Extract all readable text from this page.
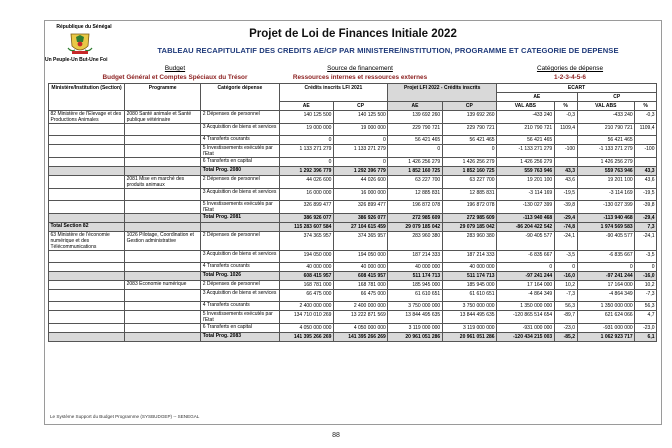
République du Sénégal
Un Peuple-Un But-Une Foi
Projet de Loi de Finances Initiale 2022
TABLEAU RECAPITULATIF DES CREDITS AE/CP PAR MINISTERE/INSTITUTION, PROGRAMME ET CATEGORIE DE DEPENSE
Budget
Budget Général et Comptes Spéciaux du Trésor
Source de financement
Ressources internes et ressources externes
Catégories de dépense
1-2-3-4-5-6
Ministère/Institution (Section)	Programme	Catégorie dépense	Crédits inscrits LFI 2021		Projet LFI 2022 - Crédits inscrits		ECART			
							AE		CP	
			AE	CP	AE	CP	VAL ABS	%	VAL ABS	%
82 Ministère de l'Elevage et des Productions Animales	2080 Santé animale et Santé publique vétérinaire	2 Dépenses de personnel	140 125 500	140 125 500	139 692 260	139 692 260	-433 240	-0,3	-433 240	-0,3
		3 Acquisition de biens et services	19 000 000	19 000 000	229 790 721	229 790 721	210 790 721	1109,4	210 790 721	1109,4
		4 Transferts courants	0	0	56 421 465	56 421 465	56 421 465		56 421 465	
		5 Investissements exécutés par l'Etat	1 133 271 279	1 133 271 279	0	0	-1 133 271 279	-100	-1 133 271 279	-100
		6 Transferts en capital	0	0	1 426 256 279	1 426 256 279	1 426 256 279		1 426 256 279	
		Total Prog. 2080	1 292 396 779	1 292 396 779	1 852 160 725	1 852 160 725	559 763 946	43,3	559 763 946	43,3
	2081 Mise en marché des produits animaux	2 Dépenses de personnel	44 026 600	44 026 600	63 227 700	63 227 700	19 201 100	43,6	19 201 100	43,6
		3 Acquisition de biens et services	16 000 000	16 000 000	12 885 831	12 885 831	-3 114 169	-19,5	-3 114 169	-19,5
		5 Investissements exécutés par l'Etat	326 899 477	326 899 477	196 872 078	196 872 078	-130 027 399	-39,8	-130 027 399	-39,8
		Total Prog. 2081	386 926 077	386 926 077	272 985 609	272 985 609	-113 940 468	-29,4	-113 940 468	-29,4
Total Section 82			115 283 607 584	27 104 615 459	29 079 185 042	29 079 185 042	-86 204 422 542	-74,8	1 974 569 583	7,3
63 Ministère de l'économie numérique et des Télécommunications	1026 Pilotage, Coordination et Gestion administrative	2 Dépenses de personnel	374 365 957	374 365 957	283 960 380	283 960 380	-90 405 577	-24,1	-90 405 577	-24,1
		3 Acquisition de biens et services	194 050 000	194 050 000	187 214 333	187 214 333	-6 835 667	-3,5	-6 835 667	-3,5
		4 Transferts courants	40 000 000	40 000 000	40 000 000	40 000 000	0	0	0	0
		Total Prog. 1026	608 415 957	608 415 957	511 174 713	511 174 713	-97 241 244	-16,0	-97 241 244	-16,0
	2083 Economie numérique	2 Dépenses de personnel	168 781 000	168 781 000	185 945 000	185 945 000	17 164 000	10,2	17 164 000	10,2
		3 Acquisition de biens et services	66 475 000	66 475 000	61 610 651	61 610 651	-4 864 349	-7,3	-4 864 349	-7,3
		4 Transferts courants	2 400 000 000	2 400 000 000	3 750 000 000	3 750 000 000	1 350 000 000	56,3	1 350 000 000	56,3
		5 Investissements exécutés par l'Etat	134 710 010 269	13 222 871 569	13 844 495 635	13 844 495 635	-120 865 514 654	-89,7	621 624 066	4,7
		6 Transferts en capital	4 050 000 000	4 050 000 000	3 119 000 000	3 119 000 000	-931 000 000	-23,0	-931 000 000	-23,0
		Total Prog. 2083	141 395 266 269	141 395 266 269	20 961 051 286	20 961 051 286	-120 434 215 003	-85,2	1 062 923 717	6,1
Le Système Support du Budget Programme (SYSBUDGEP) -- SENEGAL
88
